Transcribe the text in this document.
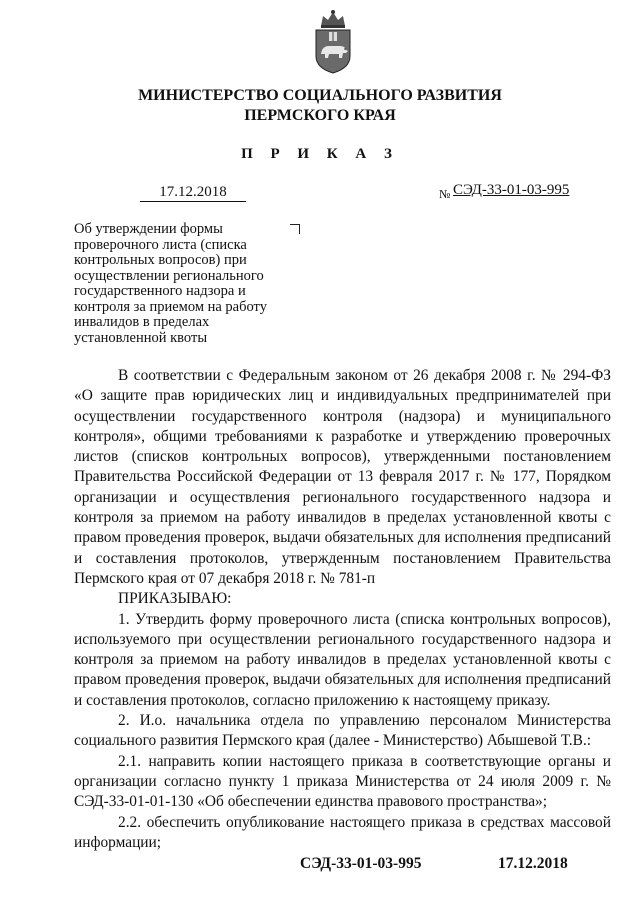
МИНИСТЕРСТВО СОЦИАЛЬНОГО РАЗВИТИЯ
ПЕРМСКОГО КРАЯ
П Р И К А З
17.12.2018	№ СЭД-33-01-03-995
Об утверждении формы
проверочного листа (списка
контрольных вопросов) при
осуществлении регионального
государственного надзора и
контроля за приемом на работу
инвалидов в пределах
установленной квоты

В соответствии с Федеральным законом от 26 декабря 2008 г. № 294-ФЗ «О защите прав юридических лиц и индивидуальных предпринимателей при осуществлении государственного контроля (надзора) и муниципального контроля», общими требованиями к разработке и утверждению проверочных листов (списков контрольных вопросов), утвержденными постановлением Правительства Российской Федерации от 13 февраля 2017 г. № 177, Порядком организации и осуществления регионального государственного надзора и контроля за приемом на работу инвалидов в пределах установленной квоты с правом проведения проверок, выдачи обязательных для исполнения предписаний и составления протоколов, утвержденным постановлением Правительства Пермского края от 07 декабря 2018 г. № 781-п

ПРИКАЗЫВАЮ:

1. Утвердить форму проверочного листа (списка контрольных вопросов), используемого при осуществлении регионального государственного надзора и контроля за приемом на работу инвалидов в пределах установленной квоты с правом проведения проверок, выдачи обязательных для исполнения предписаний и составления протоколов, согласно приложению к настоящему приказу.

2. И.о. начальника отдела по управлению персоналом Министерства социального развития Пермского края (далее - Министерство) Абышевой Т.В.:

2.1. направить копии настоящего приказа в соответствующие органы и организации согласно пункту 1 приказа Министерства от 24 июля 2009 г. № СЭД-33-01-01-130 «Об обеспечении единства правового пространства»;

2.2. обеспечить опубликование настоящего приказа в средствах массовой информации;

СЭД-33-01-03-995	17.12.2018
